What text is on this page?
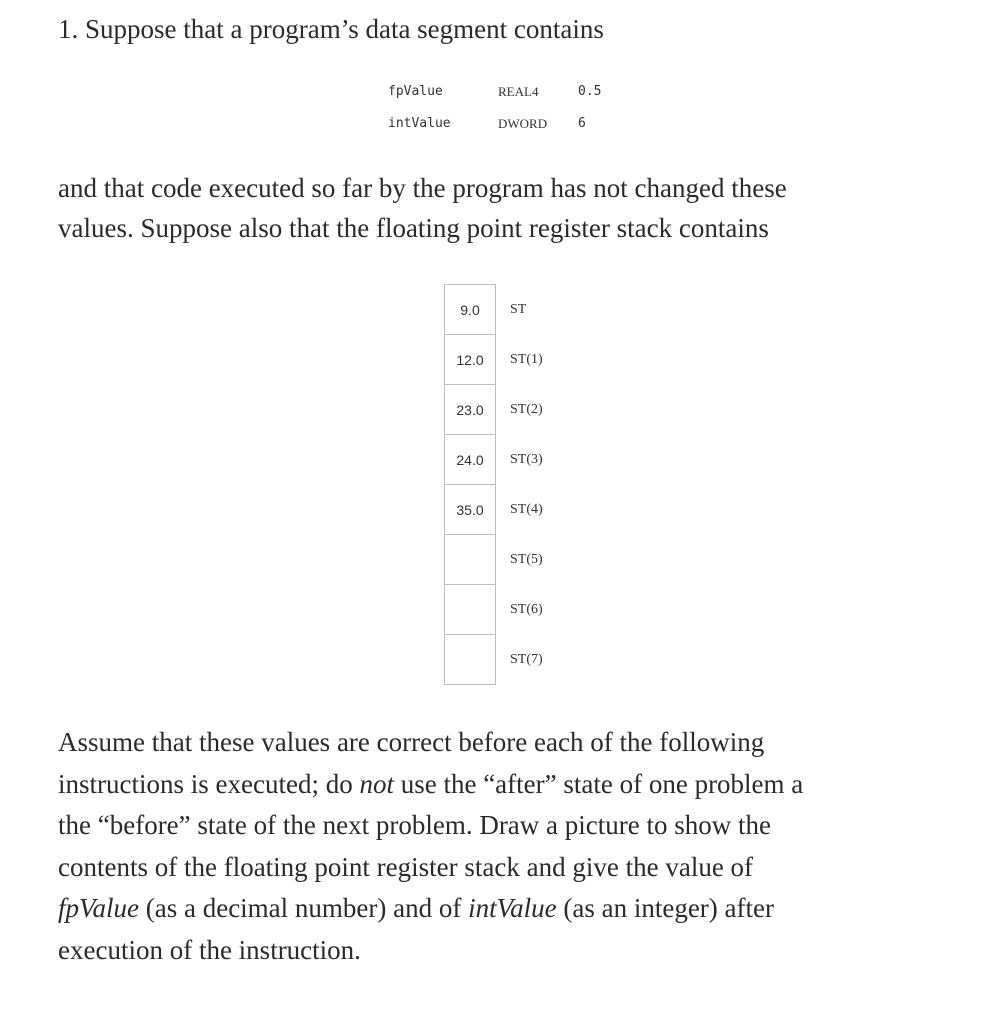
1. Suppose that a program’s data segment contains
fpValue	REAL4	0.5
intValue	DWORD 6

and that code executed so far by the program has not changed these
values. Suppose also that the floating point register stack contains

9.0	ST
12.0	ST(1)
23.0	ST(2)
24.0	ST(3)
35.0	ST(4)
	ST(5)
	ST(6)
	ST(7)

Assume that these values are correct before each of the following
instructions is executed; do not use the “after” state of one problem a
the “before” state of the next problem. Draw a picture to show the
contents of the floating point register stack and give the value of
fpValue (as a decimal number) and of intValue (as an integer) after
execution of the instruction.
